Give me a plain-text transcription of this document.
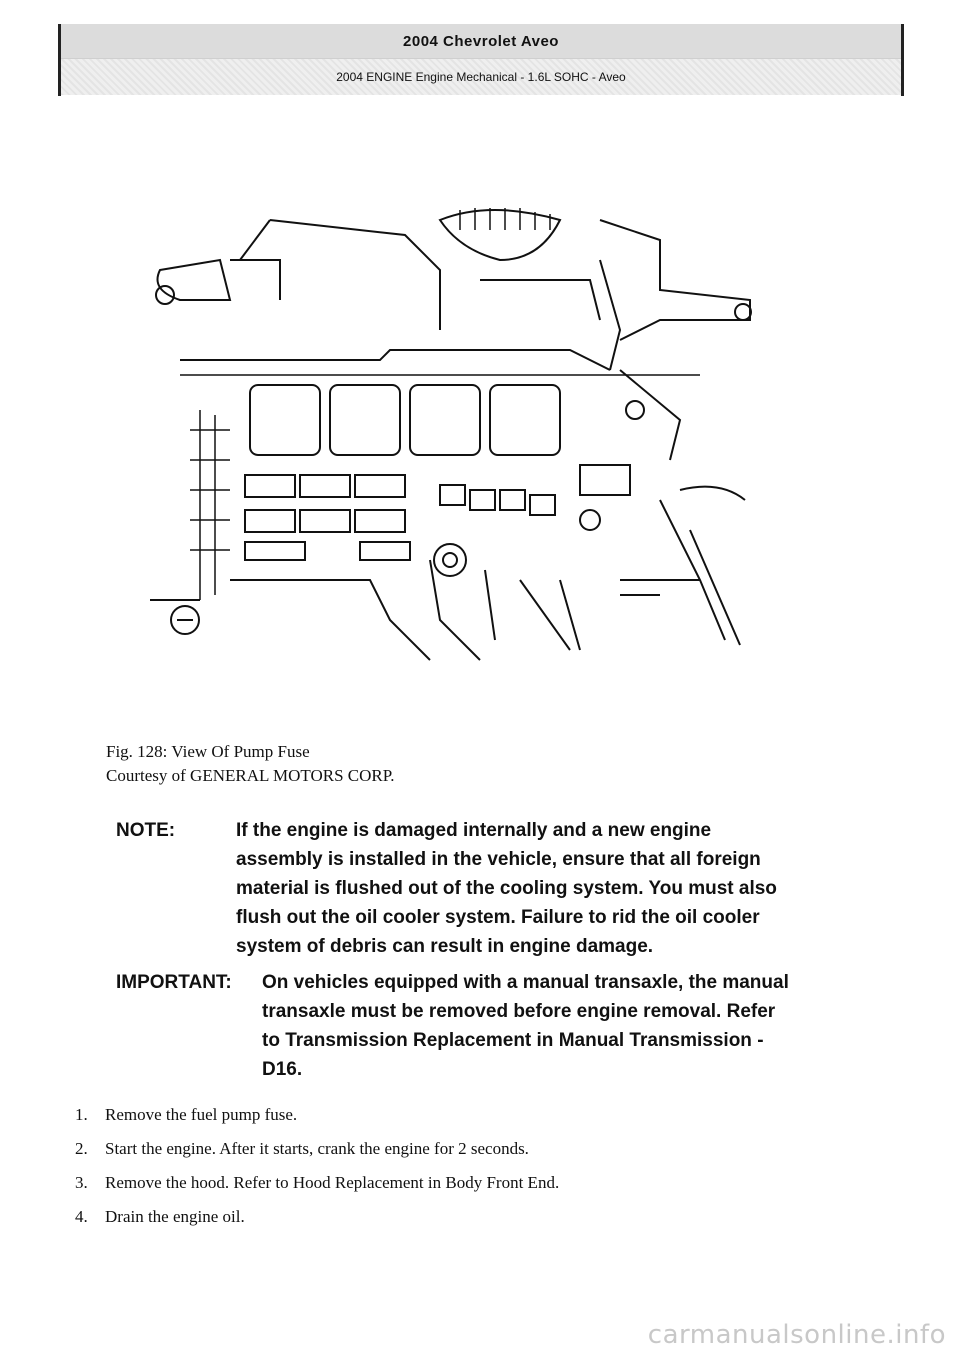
2004 Chevrolet Aveo
2004 ENGINE Engine Mechanical - 1.6L SOHC - Aveo
Fig. 128: View Of Pump Fuse
Courtesy of GENERAL MOTORS CORP.
NOTE:	If the engine is damaged internally and a new engine
assembly is installed in the vehicle, ensure that all foreign
material is flushed out of the cooling system. You must also
flush out the oil cooler system. Failure to rid the oil cooler
system of debris can result in engine damage.
IMPORTANT:	On vehicles equipped with a manual transaxle, the manual
transaxle must be removed before engine removal. Refer
to Transmission Replacement in Manual Transmission -
D16.
1.	Remove the fuel pump fuse.
2.	Start the engine. After it starts, crank the engine for 2 seconds.
3.	Remove the hood. Refer to Hood Replacement in Body Front End.
4.	Drain the engine oil.
carmanualsonline.info
